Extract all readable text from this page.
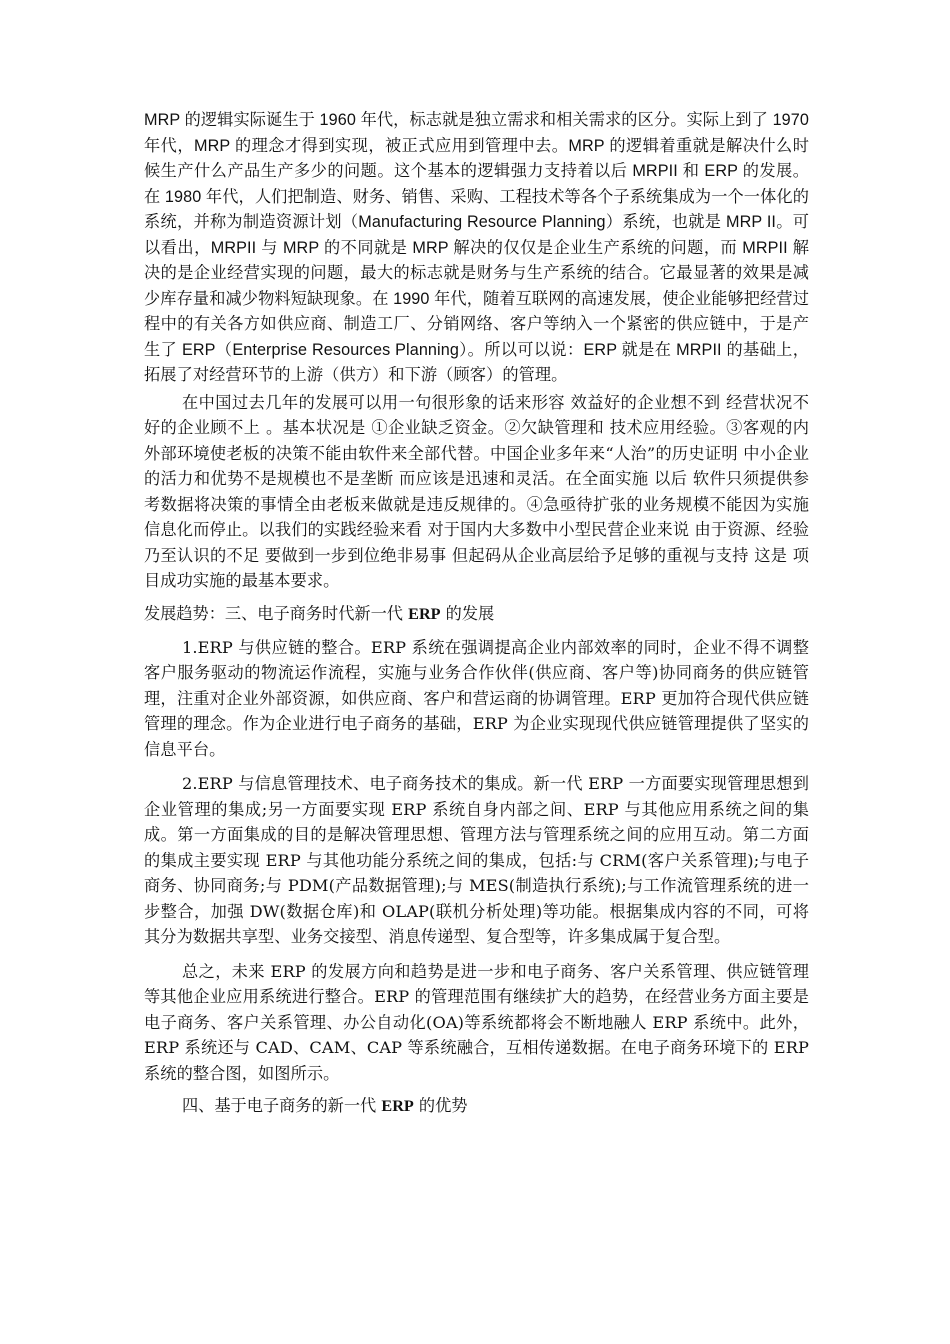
MRP 的逻辑实际诞生于 1960 年代，标志就是独立需求和相关需求的区分。实际上到了 1970 年代，MRP 的理念才得到实现，被正式应用到管理中去。MRP 的逻辑着重就是解决什么时候生产什么产品生产多少的问题。这个基本的逻辑强力支持着以后 MRPII 和 ERP 的发展。在 1980 年代，人们把制造、财务、销售、采购、工程技术等各个子系统集成为一个一体化的系统，并称为制造资源计划（Manufacturing Resource Planning）系统，也就是 MRP II。可以看出，MRPII 与 MRP 的不同就是 MRP 解决的仅仅是企业生产系统的问题，而 MRPII 解决的是企业经营实现的问题，最大的标志就是财务与生产系统的结合。它最显著的效果是减少库存量和减少物料短缺现象。在 1990 年代，随着互联网的高速发展，使企业能够把经营过程中的有关各方如供应商、制造工厂、分销网络、客户等纳入一个紧密的供应链中，于是产生了 ERP（Enterprise Resources Planning）。所以可以说：ERP 就是在 MRPII 的基础上，拓展了对经营环节的上游（供方）和下游（顾客）的管理。

在中国过去几年的发展可以用一句很形象的话来形容 效益好的企业想不到 经营状况不好的企业顾不上 。基本状况是 ①企业缺乏资金。②欠缺管理和 技术应用经验。③客观的内外部环境使老板的决策不能由软件来全部代替。中国企业多年来“人治”的历史证明 中小企业的活力和优势不是规模也不是垄断 而应该是迅速和灵活。在全面实施 以后 软件只须提供参考数据将决策的事情全由老板来做就是违反规律的。④急亟待扩张的业务规模不能因为实施信息化而停止。以我们的实践经验来看 对于国内大多数中小型民营企业来说 由于资源、经验乃至认识的不足 要做到一步到位绝非易事 但起码从企业高层给予足够的重视与支持 这是 项目成功实施的最基本要求。

发展趋势：三、电子商务时代新一代 ERP 的发展

1.ERP 与供应链的整合。ERP 系统在强调提高企业内部效率的同时，企业不得不调整客户服务驱动的物流运作流程，实施与业务合作伙伴(供应商、客户等)协同商务的供应链管理，注重对企业外部资源，如供应商、客户和营运商的协调管理。ERP 更加符合现代供应链管理的理念。作为企业进行电子商务的基础，ERP 为企业实现现代供应链管理提供了坚实的信息平台。

2.ERP 与信息管理技术、电子商务技术的集成。新一代 ERP 一方面要实现管理思想到企业管理的集成;另一方面要实现 ERP 系统自身内部之间、ERP 与其他应用系统之间的集成。第一方面集成的目的是解决管理思想、管理方法与管理系统之间的应用互动。第二方面的集成主要实现 ERP 与其他功能分系统之间的集成，包括:与 CRM(客户关系管理);与电子商务、协同商务;与 PDM(产品数据管理);与 MES(制造执行系统);与工作流管理系统的进一步整合，加强 DW(数据仓库)和 OLAP(联机分析处理)等功能。根据集成内容的不同，可将其分为数据共享型、业务交接型、消息传递型、复合型等，许多集成属于复合型。

总之，未来 ERP 的发展方向和趋势是进一步和电子商务、客户关系管理、供应链管理等其他企业应用系统进行整合。ERP 的管理范围有继续扩大的趋势，在经营业务方面主要是电子商务、客户关系管理、办公自动化(OA)等系统都将会不断地融人 ERP 系统中。此外，ERP 系统还与 CAD、CAM、CAP 等系统融合，互相传递数据。在电子商务环境下的 ERP 系统的整合图，如图所示。

四、基于电子商务的新一代 ERP 的优势
